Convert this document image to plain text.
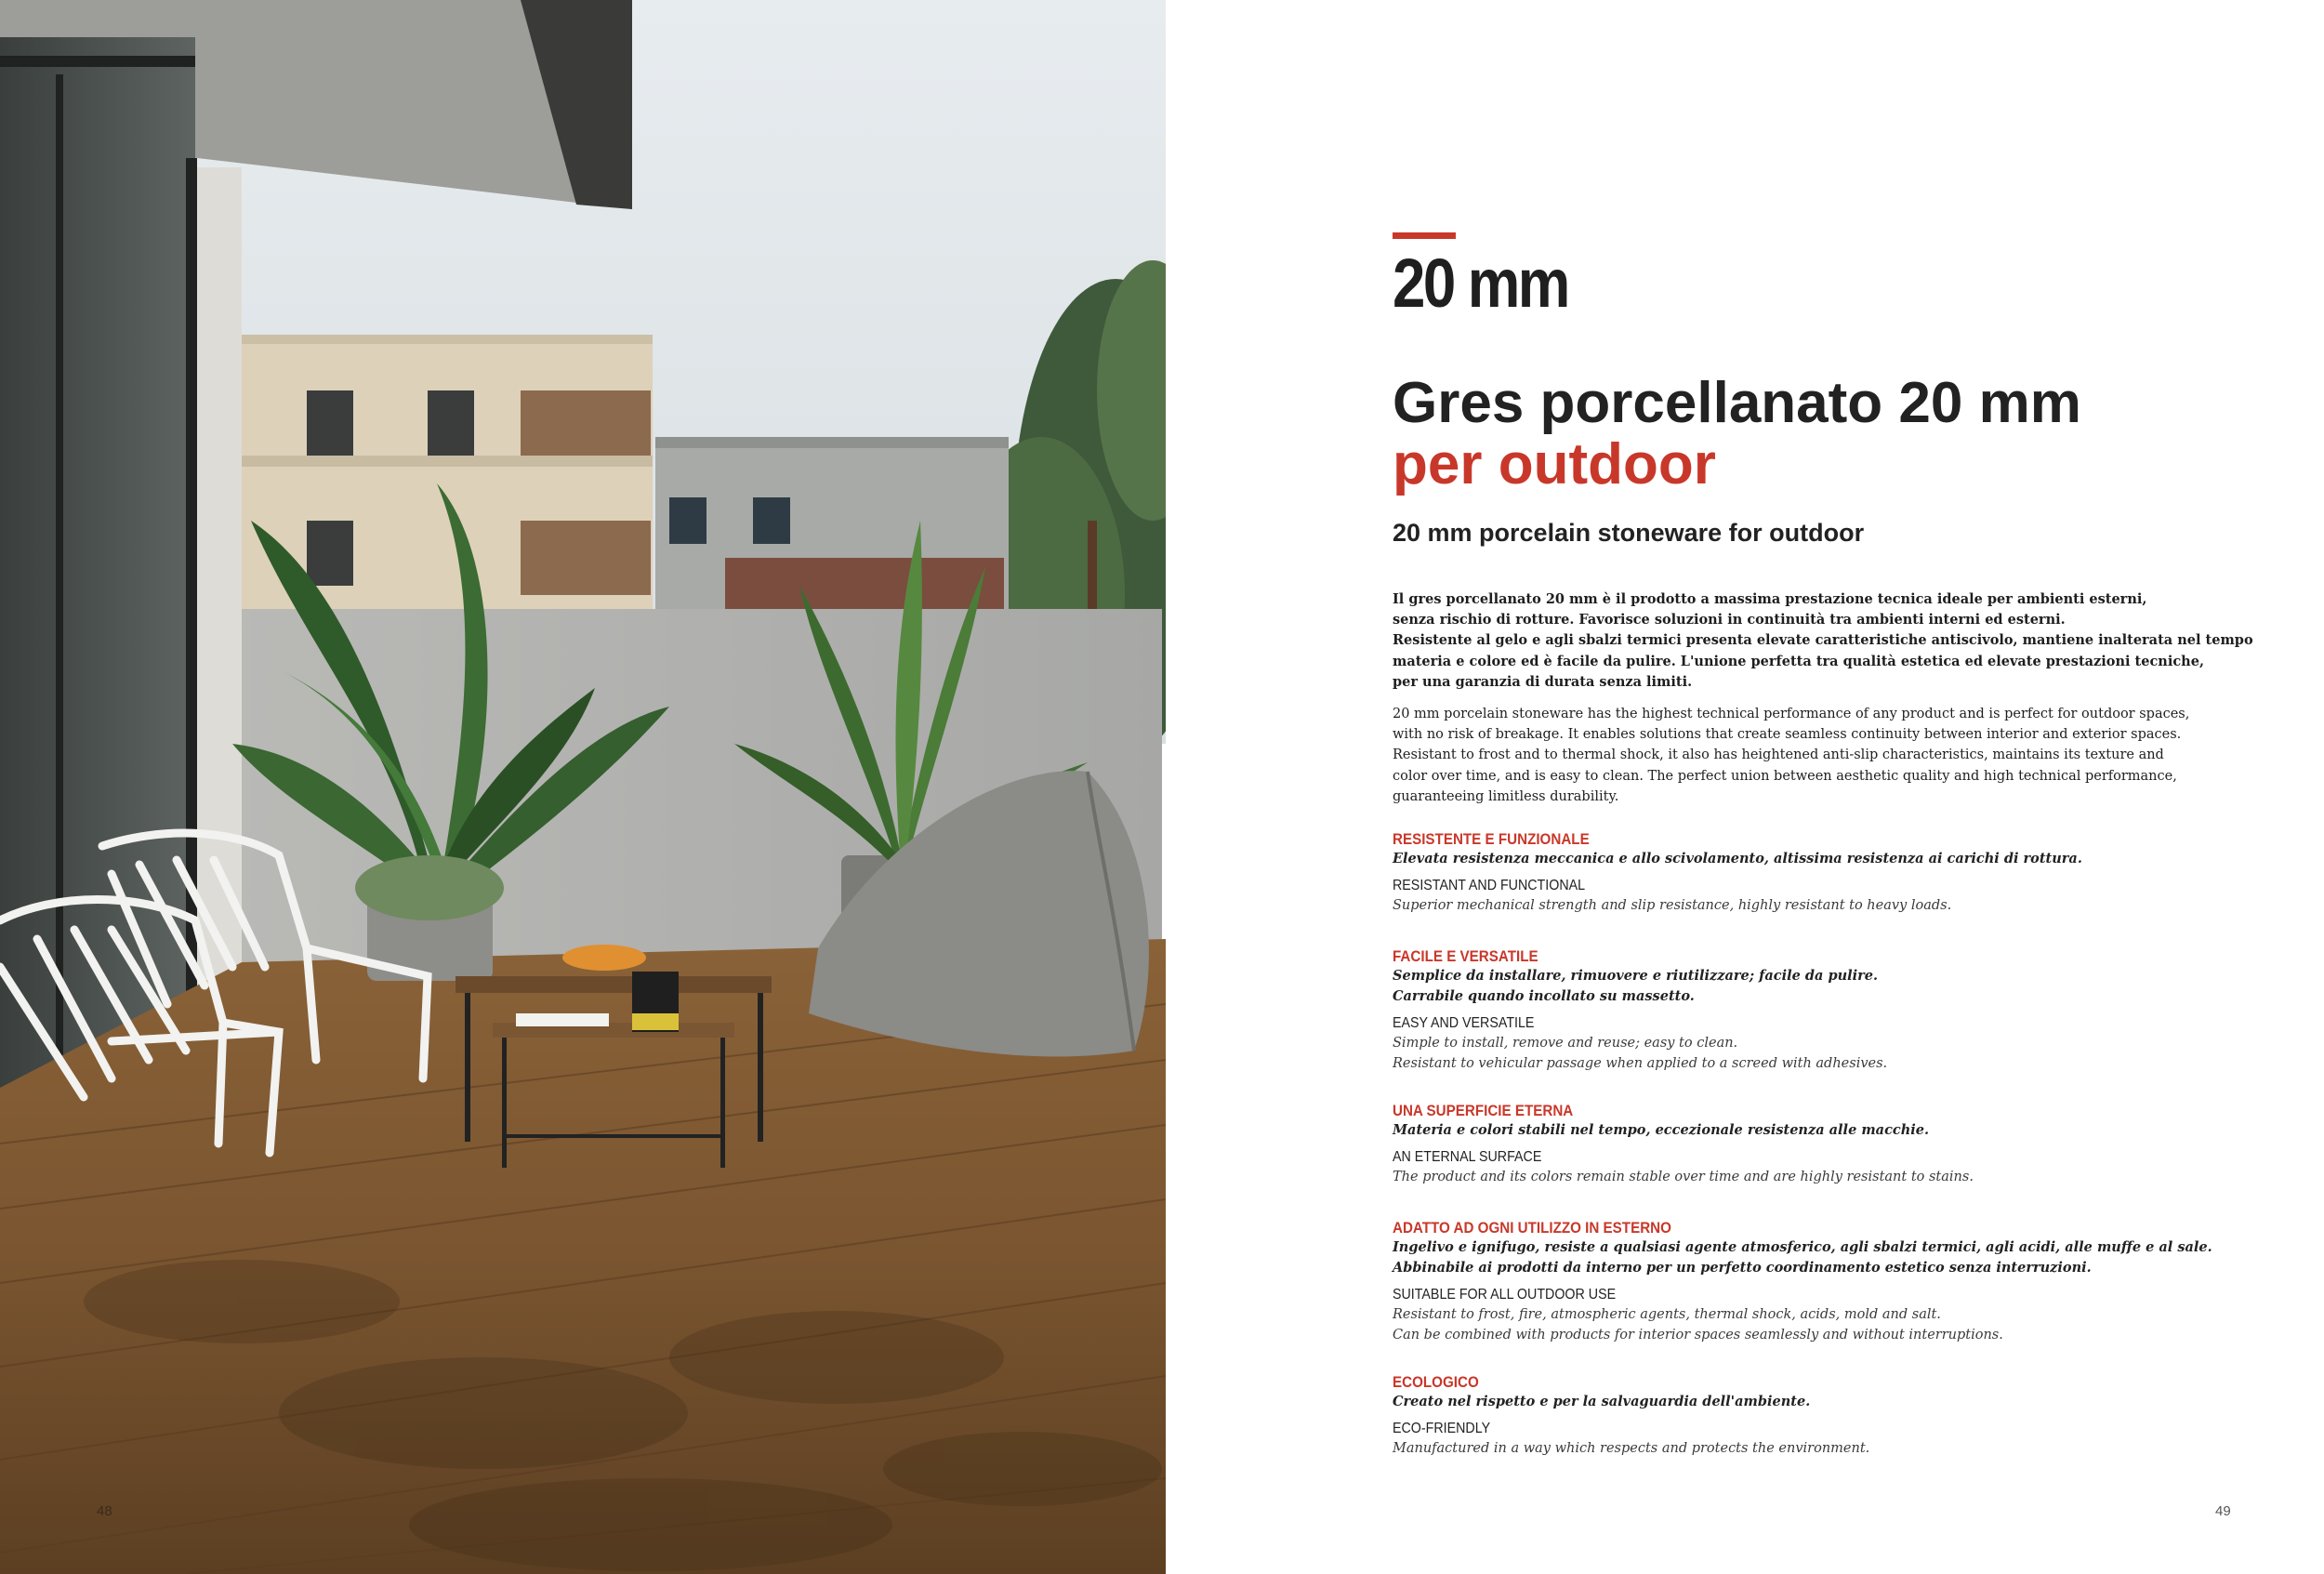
48
20 mm
Gres porcellanato 20 mm
per outdoor
20 mm porcelain stoneware for outdoor
Il gres porcellanato 20 mm è il prodotto a massima prestazione tecnica ideale per ambienti esterni,
senza rischio di rotture. Favorisce soluzioni in continuità tra ambienti interni ed esterni.
Resistente al gelo e agli sbalzi termici presenta elevate caratteristiche antiscivolo, mantiene inalterata nel tempo
materia e colore ed è facile da pulire. L'unione perfetta tra qualità estetica ed elevate prestazioni tecniche,
per una garanzia di durata senza limiti.
20 mm porcelain stoneware has the highest technical performance of any product and is perfect for outdoor spaces,
with no risk of breakage. It enables solutions that create seamless continuity between interior and exterior spaces.
Resistant to frost and to thermal shock, it also has heightened anti-slip characteristics, maintains its texture and
color over time, and is easy to clean. The perfect union between aesthetic quality and high technical performance,
guaranteeing limitless durability.
RESISTENTE E FUNZIONALE
Elevata resistenza meccanica e allo scivolamento, altissima resistenza ai carichi di rottura.
RESISTANT AND FUNCTIONAL
Superior mechanical strength and slip resistance, highly resistant to heavy loads.
FACILE E VERSATILE
Semplice da installare, rimuovere e riutilizzare; facile da pulire.
Carrabile quando incollato su massetto.
EASY AND VERSATILE
Simple to install, remove and reuse; easy to clean.
Resistant to vehicular passage when applied to a screed with adhesives.
UNA SUPERFICIE ETERNA
Materia e colori stabili nel tempo, eccezionale resistenza alle macchie.
AN ETERNAL SURFACE
The product and its colors remain stable over time and are highly resistant to stains.
ADATTO AD OGNI UTILIZZO IN ESTERNO
Ingelivo e ignifugo, resiste a qualsiasi agente atmosferico, agli sbalzi termici, agli acidi, alle muffe e al sale.
Abbinabile ai prodotti da interno per un perfetto coordinamento estetico senza interruzioni.
SUITABLE FOR ALL OUTDOOR USE
Resistant to frost, fire, atmospheric agents, thermal shock, acids, mold and salt.
Can be combined with products for interior spaces seamlessly and without interruptions.
ECOLOGICO
Creato nel rispetto e per la salvaguardia dell'ambiente.
ECO-FRIENDLY
Manufactured in a way which respects and protects the environment.
49
